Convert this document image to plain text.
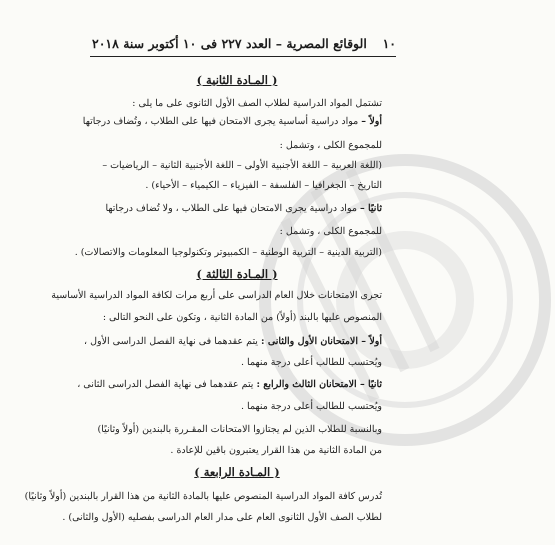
١٠
الوقائع المصرية – العدد ٢٢٧ فى ١٠ أكتوبر سنة ٢٠١٨
( المـادة الثانية )
تشتمل المواد الدراسية لطلاب الصف الأول الثانوى على ما يلى :
أولاً – مواد دراسية أساسية يجرى الامتحان فيها على الطلاب ، وتُضاف درجاتها
للمجموع الكلى ، وتشمل :
(اللغة العربية – اللغة الأجنبية الأولى – اللغة الأجنبية الثانية – الرياضيات –
التاريخ – الجغرافيا – الفلسفة – الفيزياء – الكيمياء – الأحياء) .
ثانيًا – مواد دراسية يجرى الامتحان فيها على الطلاب ، ولا تُضاف درجاتها
للمجموع الكلى ، وتشمل :
(التربية الدينية – التربية الوطنية – الكمبيوتر وتكنولوجيا المعلومات والاتصالات) .
( المـادة الثالثة )
تجرى الامتحانات خلال العام الدراسى على أربع مرات لكافة المواد الدراسية الأساسية
المنصوص عليها بالبند (أولاً) من المادة الثانية ، وتكون على النحو التالى :
أولاً – الامتحانان الأول والثانى : يتم عقدهما فى نهاية الفصل الدراسى الأول ،
ويُحتسب للطالب أعلى درجة منهما .
ثانيًا – الامتحانان الثالث والرابع : يتم عقدهما فى نهاية الفصل الدراسى الثانى ،
ويُحتسب للطالب أعلى درجة منهما .
وبالنسبة للطلاب الذين لم يجتازوا الامتحانات المقـررة بالبندين (أولاً وثانيًا)
من المادة الثانية من هذا القرار يعتبرون باقين للإعادة .
( المـادة الرابعة )
تُدرس كافة المواد الدراسية المنصوص عليها بالمادة الثانية من هذا القرار بالبندين (أولاً وثانيًا)
لطلاب الصف الأول الثانوى العام على مدار العام الدراسى بفصليه (الأول والثانى) .
